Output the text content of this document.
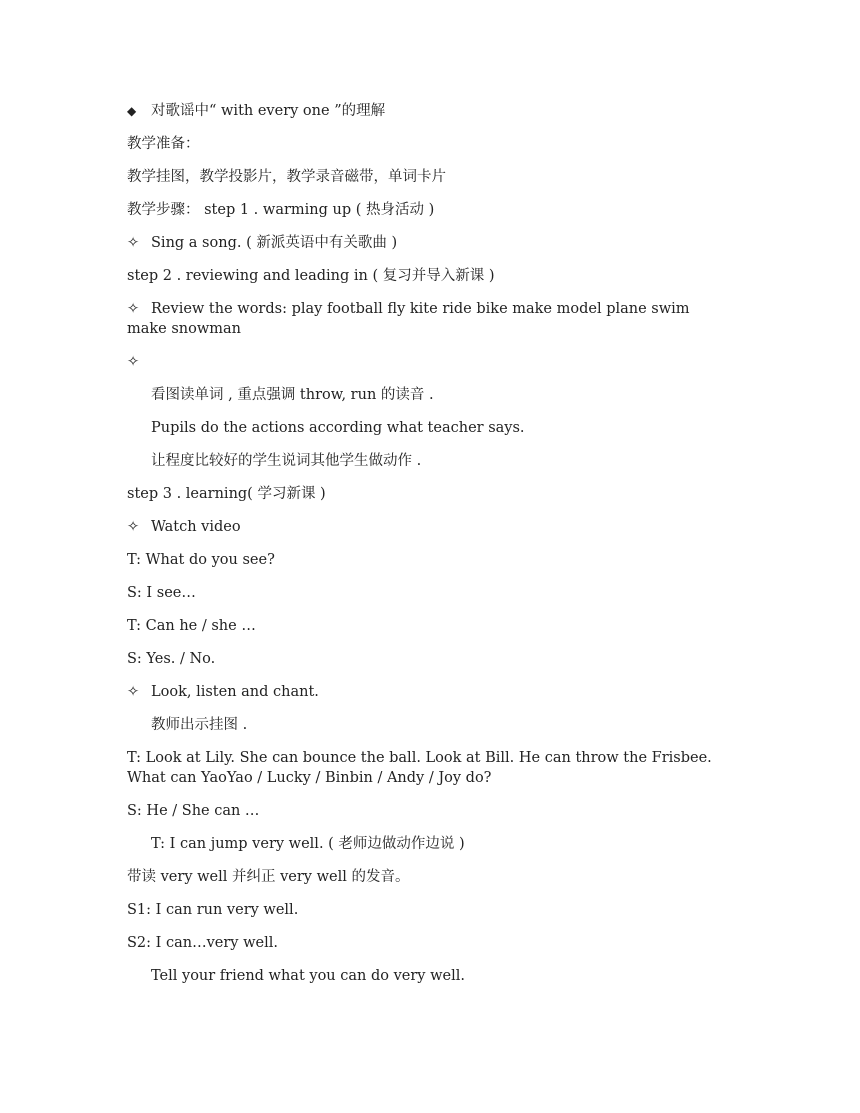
◆ 对歌谣中“ with every one ”的理解

教学准备：

教学挂图，教学投影片，教学录音磁带，单词卡片

教学步骤： step 1 . warming up ( 热身活动 )

✧ Sing a song. ( 新派英语中有关歌曲 )

step 2 . reviewing and leading in ( 复习并导入新课 )

✧ Review the words: play football fly kite ride bike make model plane swim make snowman

✧

看图读单词 , 重点强调 throw, run 的读音 .

Pupils do the actions according what teacher says.

让程度比较好的学生说词其他学生做动作 .

step 3 . learning( 学习新课 )

✧ Watch video

T: What do you see?

S: I see…

T: Can he / she …

S: Yes. / No.

✧ Look, listen and chant.

教师出示挂图 .

T: Look at Lily. She can bounce the ball. Look at Bill. He can throw the Frisbee. What can YaoYao / Lucky / Binbin / Andy / Joy do?

S: He / She can …

T: I can jump very well. ( 老师边做动作边说 )

带读 very well 并纠正 very well 的发音。

S1: I can run very well.

S2: I can…very well.

Tell your friend what you can do very well.
